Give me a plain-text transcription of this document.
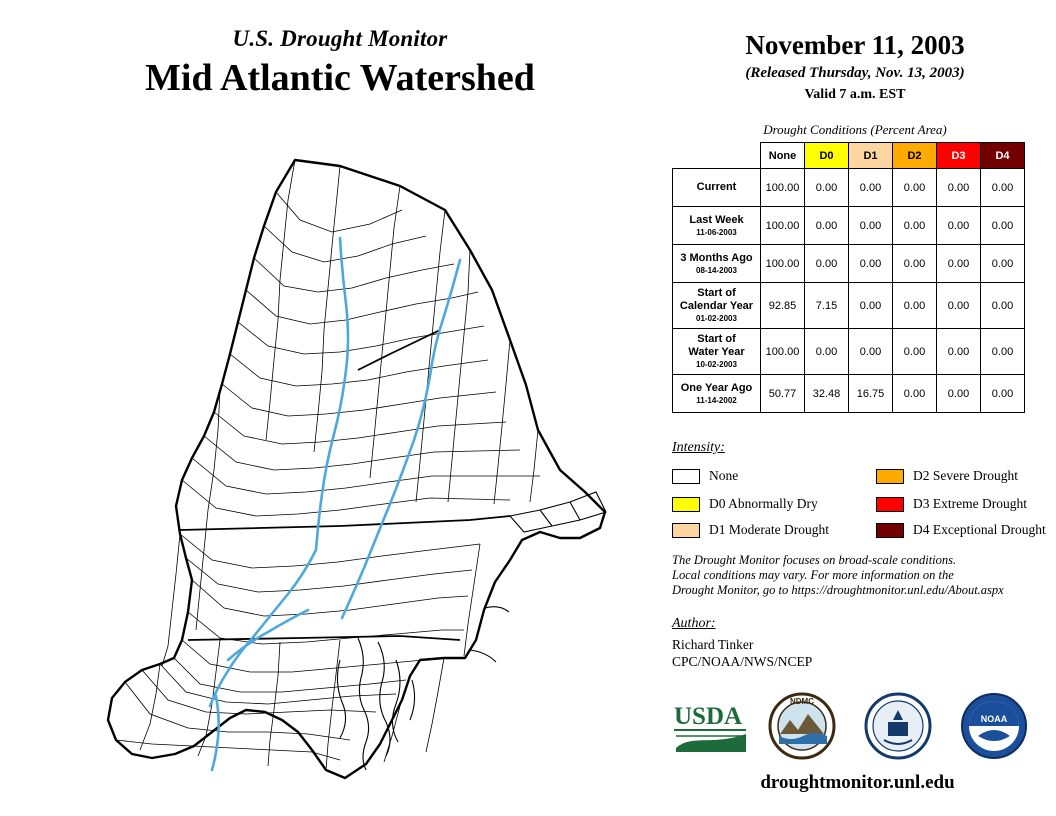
U.S. Drought Monitor
Mid Atlantic Watershed
November 11, 2003
(Released Thursday, Nov. 13, 2003)
Valid 7 a.m. EST
Drought Conditions (Percent Area)
	None	D0	D1	D2	D3	D4

Current	100.00	0.00	0.00	0.00	0.00	0.00

Last Week
11-06-2003	100.00	0.00	0.00	0.00	0.00	0.00

3 Months Ago
08-14-2003	100.00	0.00	0.00	0.00	0.00	0.00

Start of
Calendar Year
01-02-2003	92.85	7.15	0.00	0.00	0.00	0.00

Start of
Water Year
10-02-2003	100.00	0.00	0.00	0.00	0.00	0.00

One Year Ago
11-14-2002	50.77	32.48	16.75	0.00	0.00	0.00
Intensity:
None
D0 Abnormally Dry
D1 Moderate Drought
D2 Severe Drought
D3 Extreme Drought
D4 Exceptional Drought
The Drought Monitor focuses on broad-scale conditions.
Local conditions may vary. For more information on the
Drought Monitor, go to https://droughtmonitor.unl.edu/About.aspx
Author:
Richard Tinker
CPC/NOAA/NWS/NCEP
USDA
NDMC
NOAA
droughtmonitor.unl.edu
